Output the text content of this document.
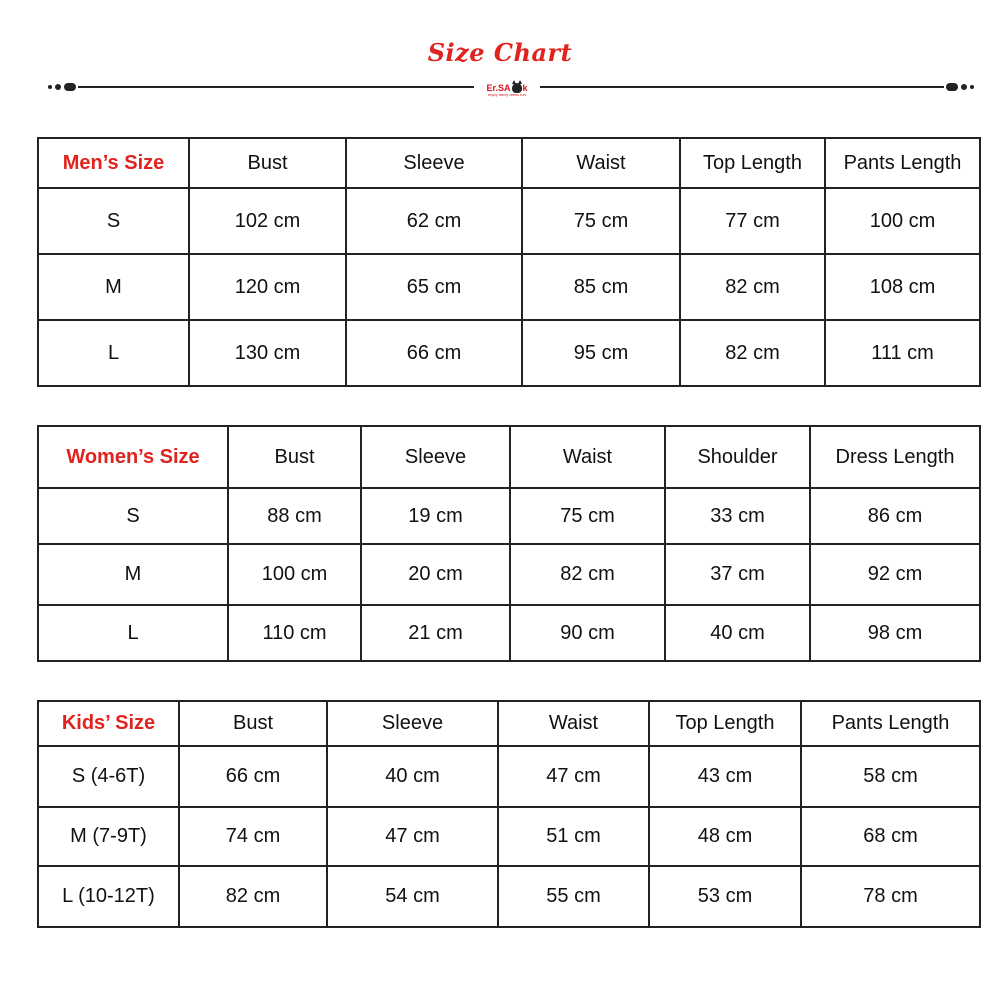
Size Chart
Er.SA k
enjoy fancy dress fun
Men’s Size	Bust	Sleeve	Waist	Top Length	Pants Length
S	102 cm	62 cm	75 cm	77 cm	100 cm
M	120 cm	65 cm	85 cm	82 cm	108 cm
L	130 cm	66 cm	95 cm	82 cm	111 cm
Women’s Size	Bust	Sleeve	Waist	Shoulder	Dress Length
S	88 cm	19 cm	75 cm	33 cm	86 cm
M	100 cm	20 cm	82 cm	37 cm	92 cm
L	110 cm	21 cm	90 cm	40 cm	98 cm
Kids’ Size	Bust	Sleeve	Waist	Top Length	Pants Length
S (4-6T)	66 cm	40 cm	47 cm	43 cm	58 cm
M (7-9T)	74 cm	47 cm	51 cm	48 cm	68 cm
L (10-12T)	82 cm	54 cm	55 cm	53 cm	78 cm
